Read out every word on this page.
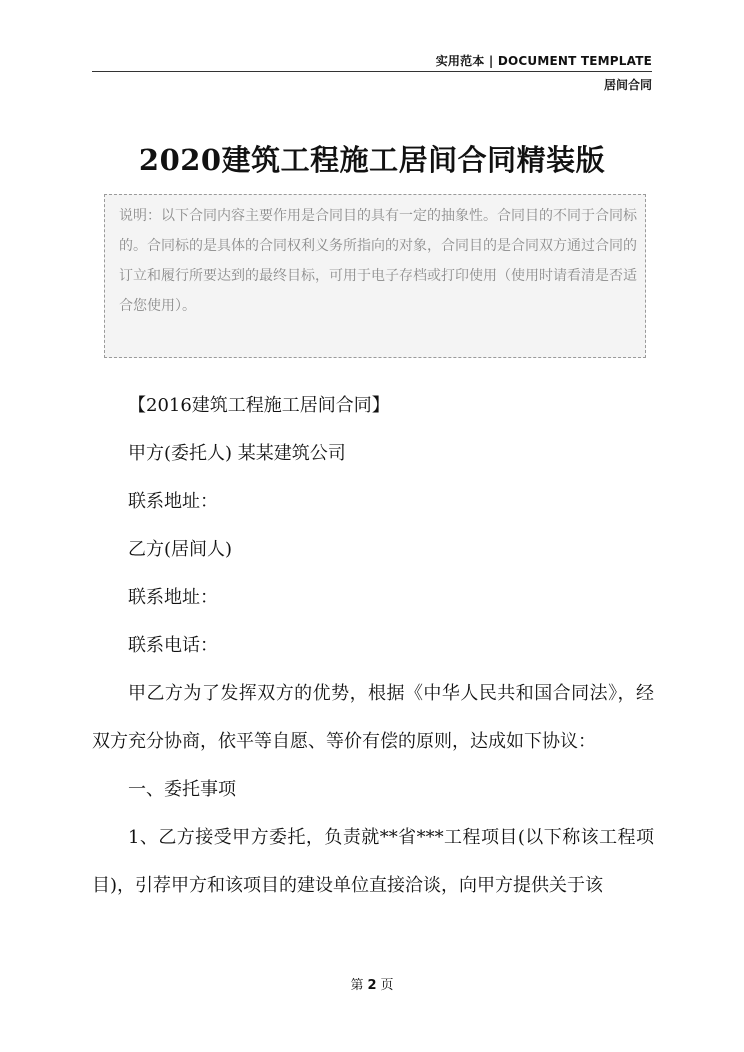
实用范本 | DOCUMENT TEMPLATE
居间合同
2020建筑工程施工居间合同精装版
说明：以下合同内容主要作用是合同目的具有一定的抽象性。合同目的不同于合同标的。合同标的是具体的合同权利义务所指向的对象，合同目的是合同双方通过合同的订立和履行所要达到的最终目标，可用于电子存档或打印使用（使用时请看清是否适合您使用）。

【2016建筑工程施工居间合同】

甲方(委托人) 某某建筑公司

联系地址：

乙方(居间人)

联系地址：

联系电话：

甲乙方为了发挥双方的优势，根据《中华人民共和国合同法》，经双方充分协商，依平等自愿、等价有偿的原则，达成如下协议：

一、委托事项

1、乙方接受甲方委托，负责就**省***工程项目(以下称该工程项目)，引荐甲方和该项目的建设单位直接洽谈，向甲方提供关于该

第 2 页
